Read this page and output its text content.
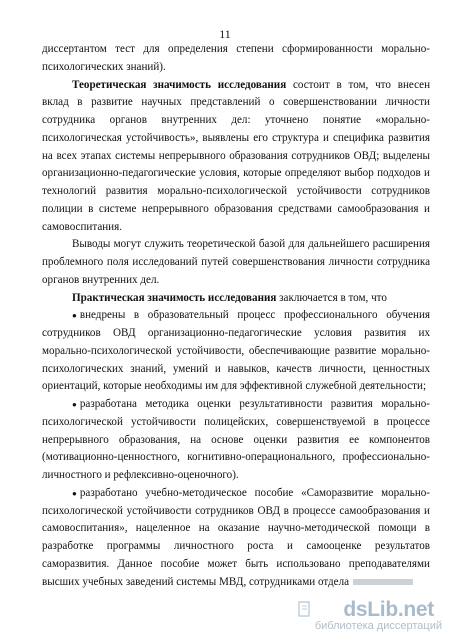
11

диссертантом тест для определения степени сформированности морально-психологических знаний).

Теоретическая значимость исследования состоит в том, что внесен вклад в развитие научных представлений о совершенствовании личности сотрудника органов внутренних дел: уточнено понятие «морально-психологическая устойчивость», выявлены его структура и специфика развития на всех этапах системы непрерывного образования сотрудников ОВД; выделены организационно-педагогические условия, которые определяют выбор подходов и технологий развития морально-психологической устойчивости сотрудников полиции в системе непрерывного образования средствами самообразования и самовоспитания.

Выводы могут служить теоретической базой для дальнейшего расширения проблемного поля исследований путей совершенствования личности сотрудника органов внутренних дел.

Практическая значимость исследования заключается в том, что

● внедрены в образовательный процесс профессионального обучения сотрудников ОВД организационно-педагогические условия развития их морально-психологической устойчивости, обеспечивающие развитие морально-психологических знаний, умений и навыков, качеств личности, ценностных ориентаций, которые необходимы им для эффективной служебной деятельности;

● разработана методика оценки результативности развития морально-психологической устойчивости полицейских, совершенствуемой в процессе непрерывного образования, на основе оценки развития ее компонентов (мотивационно-ценностного, когнитивно-операционального, профессионально-личностного и рефлексивно-оценочного).

● разработано учебно-методическое пособие «Саморазвитие морально-психологической устойчивости сотрудников ОВД в процессе самообразования и самовоспитания», нацеленное на оказание научно-методической помощи в разработке программы личностного роста и самооценке результатов саморазвития. Данное пособие может быть использовано преподавателями высших учебных заведений системы МВД, сотрудниками отдела

dsLib.net
библиотека диссертаций
